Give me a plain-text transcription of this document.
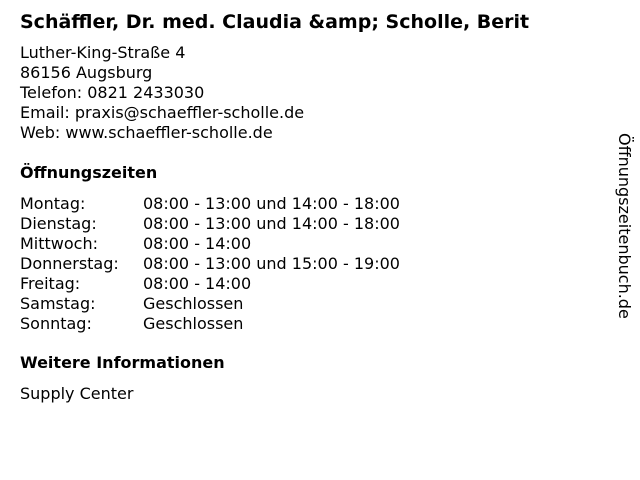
Schäffler, Dr. med. Claudia &amp; Scholle, Berit
Luther-King-Straße 4
86156 Augsburg
Telefon: 0821 2433030
Email: praxis@schaeffler-scholle.de
Web: www.schaeffler-scholle.de
Öffnungszeiten
Montag:	08:00 - 13:00 und 14:00 - 18:00
Dienstag:	08:00 - 13:00 und 14:00 - 18:00
Mittwoch:	08:00 - 14:00
Donnerstag:	08:00 - 13:00 und 15:00 - 19:00
Freitag:	08:00 - 14:00
Samstag:	Geschlossen
Sonntag:	Geschlossen
Weitere Informationen
Supply Center
Öffnungszeitenbuch.de
